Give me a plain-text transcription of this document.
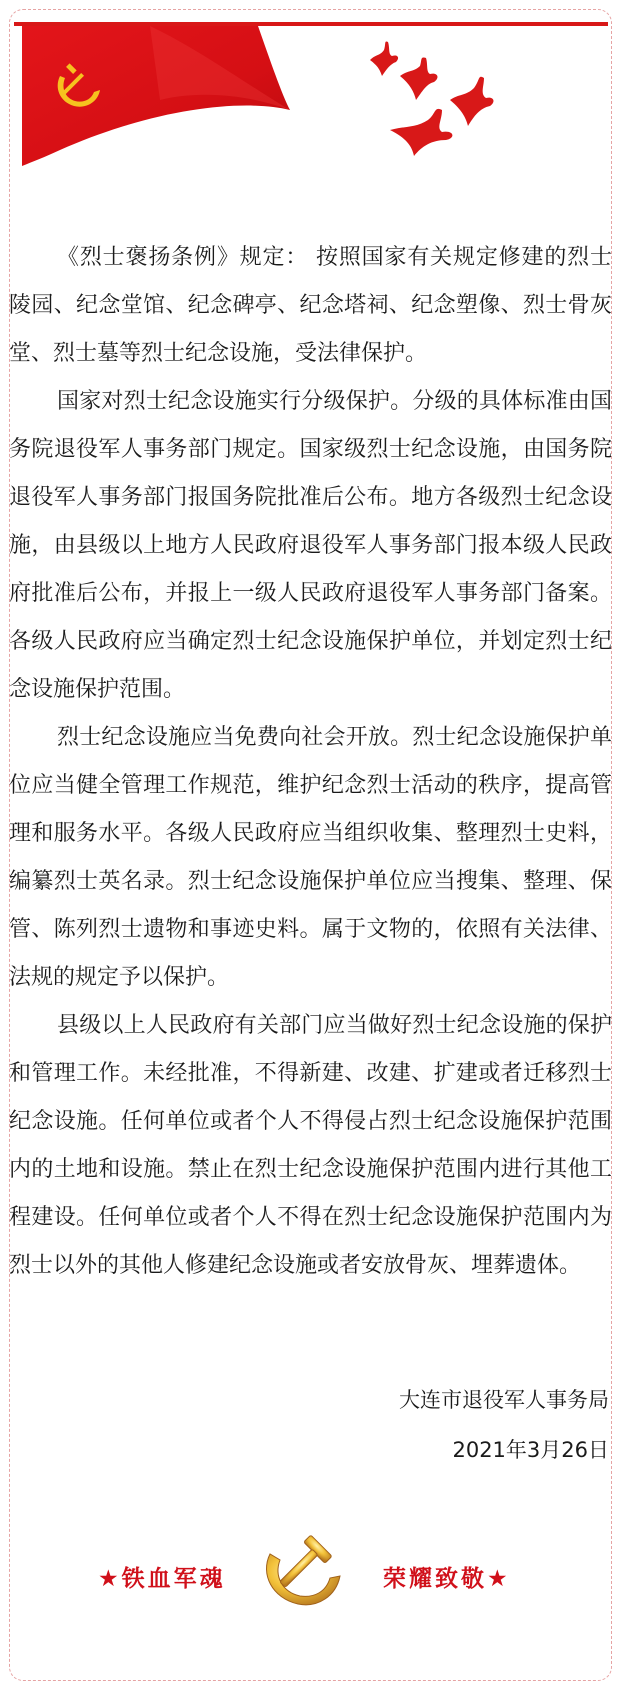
《烈士褒扬条例》规定： 按照国家有关规定修建的烈士陵园、纪念堂馆、纪念碑亭、纪念塔祠、纪念塑像、烈士骨灰堂、烈士墓等烈士纪念设施，受法律保护。

国家对烈士纪念设施实行分级保护。分级的具体标准由国务院退役军人事务部门规定。国家级烈士纪念设施，由国务院退役军人事务部门报国务院批准后公布。地方各级烈士纪念设施，由县级以上地方人民政府退役军人事务部门报本级人民政府批准后公布，并报上一级人民政府退役军人事务部门备案。各级人民政府应当确定烈士纪念设施保护单位，并划定烈士纪念设施保护范围。

烈士纪念设施应当免费向社会开放。烈士纪念设施保护单位应当健全管理工作规范，维护纪念烈士活动的秩序，提高管理和服务水平。各级人民政府应当组织收集、整理烈士史料，编纂烈士英名录。烈士纪念设施保护单位应当搜集、整理、保管、陈列烈士遗物和事迹史料。属于文物的，依照有关法律、法规的规定予以保护。

县级以上人民政府有关部门应当做好烈士纪念设施的保护和管理工作。未经批准，不得新建、改建、扩建或者迁移烈士纪念设施。任何单位或者个人不得侵占烈士纪念设施保护范围内的土地和设施。禁止在烈士纪念设施保护范围内进行其他工程建设。任何单位或者个人不得在烈士纪念设施保护范围内为烈士以外的其他人修建纪念设施或者安放骨灰、埋葬遗体。

大连市退役军人事务局
2021年3月26日
★铁血军魂	荣耀致敬★
